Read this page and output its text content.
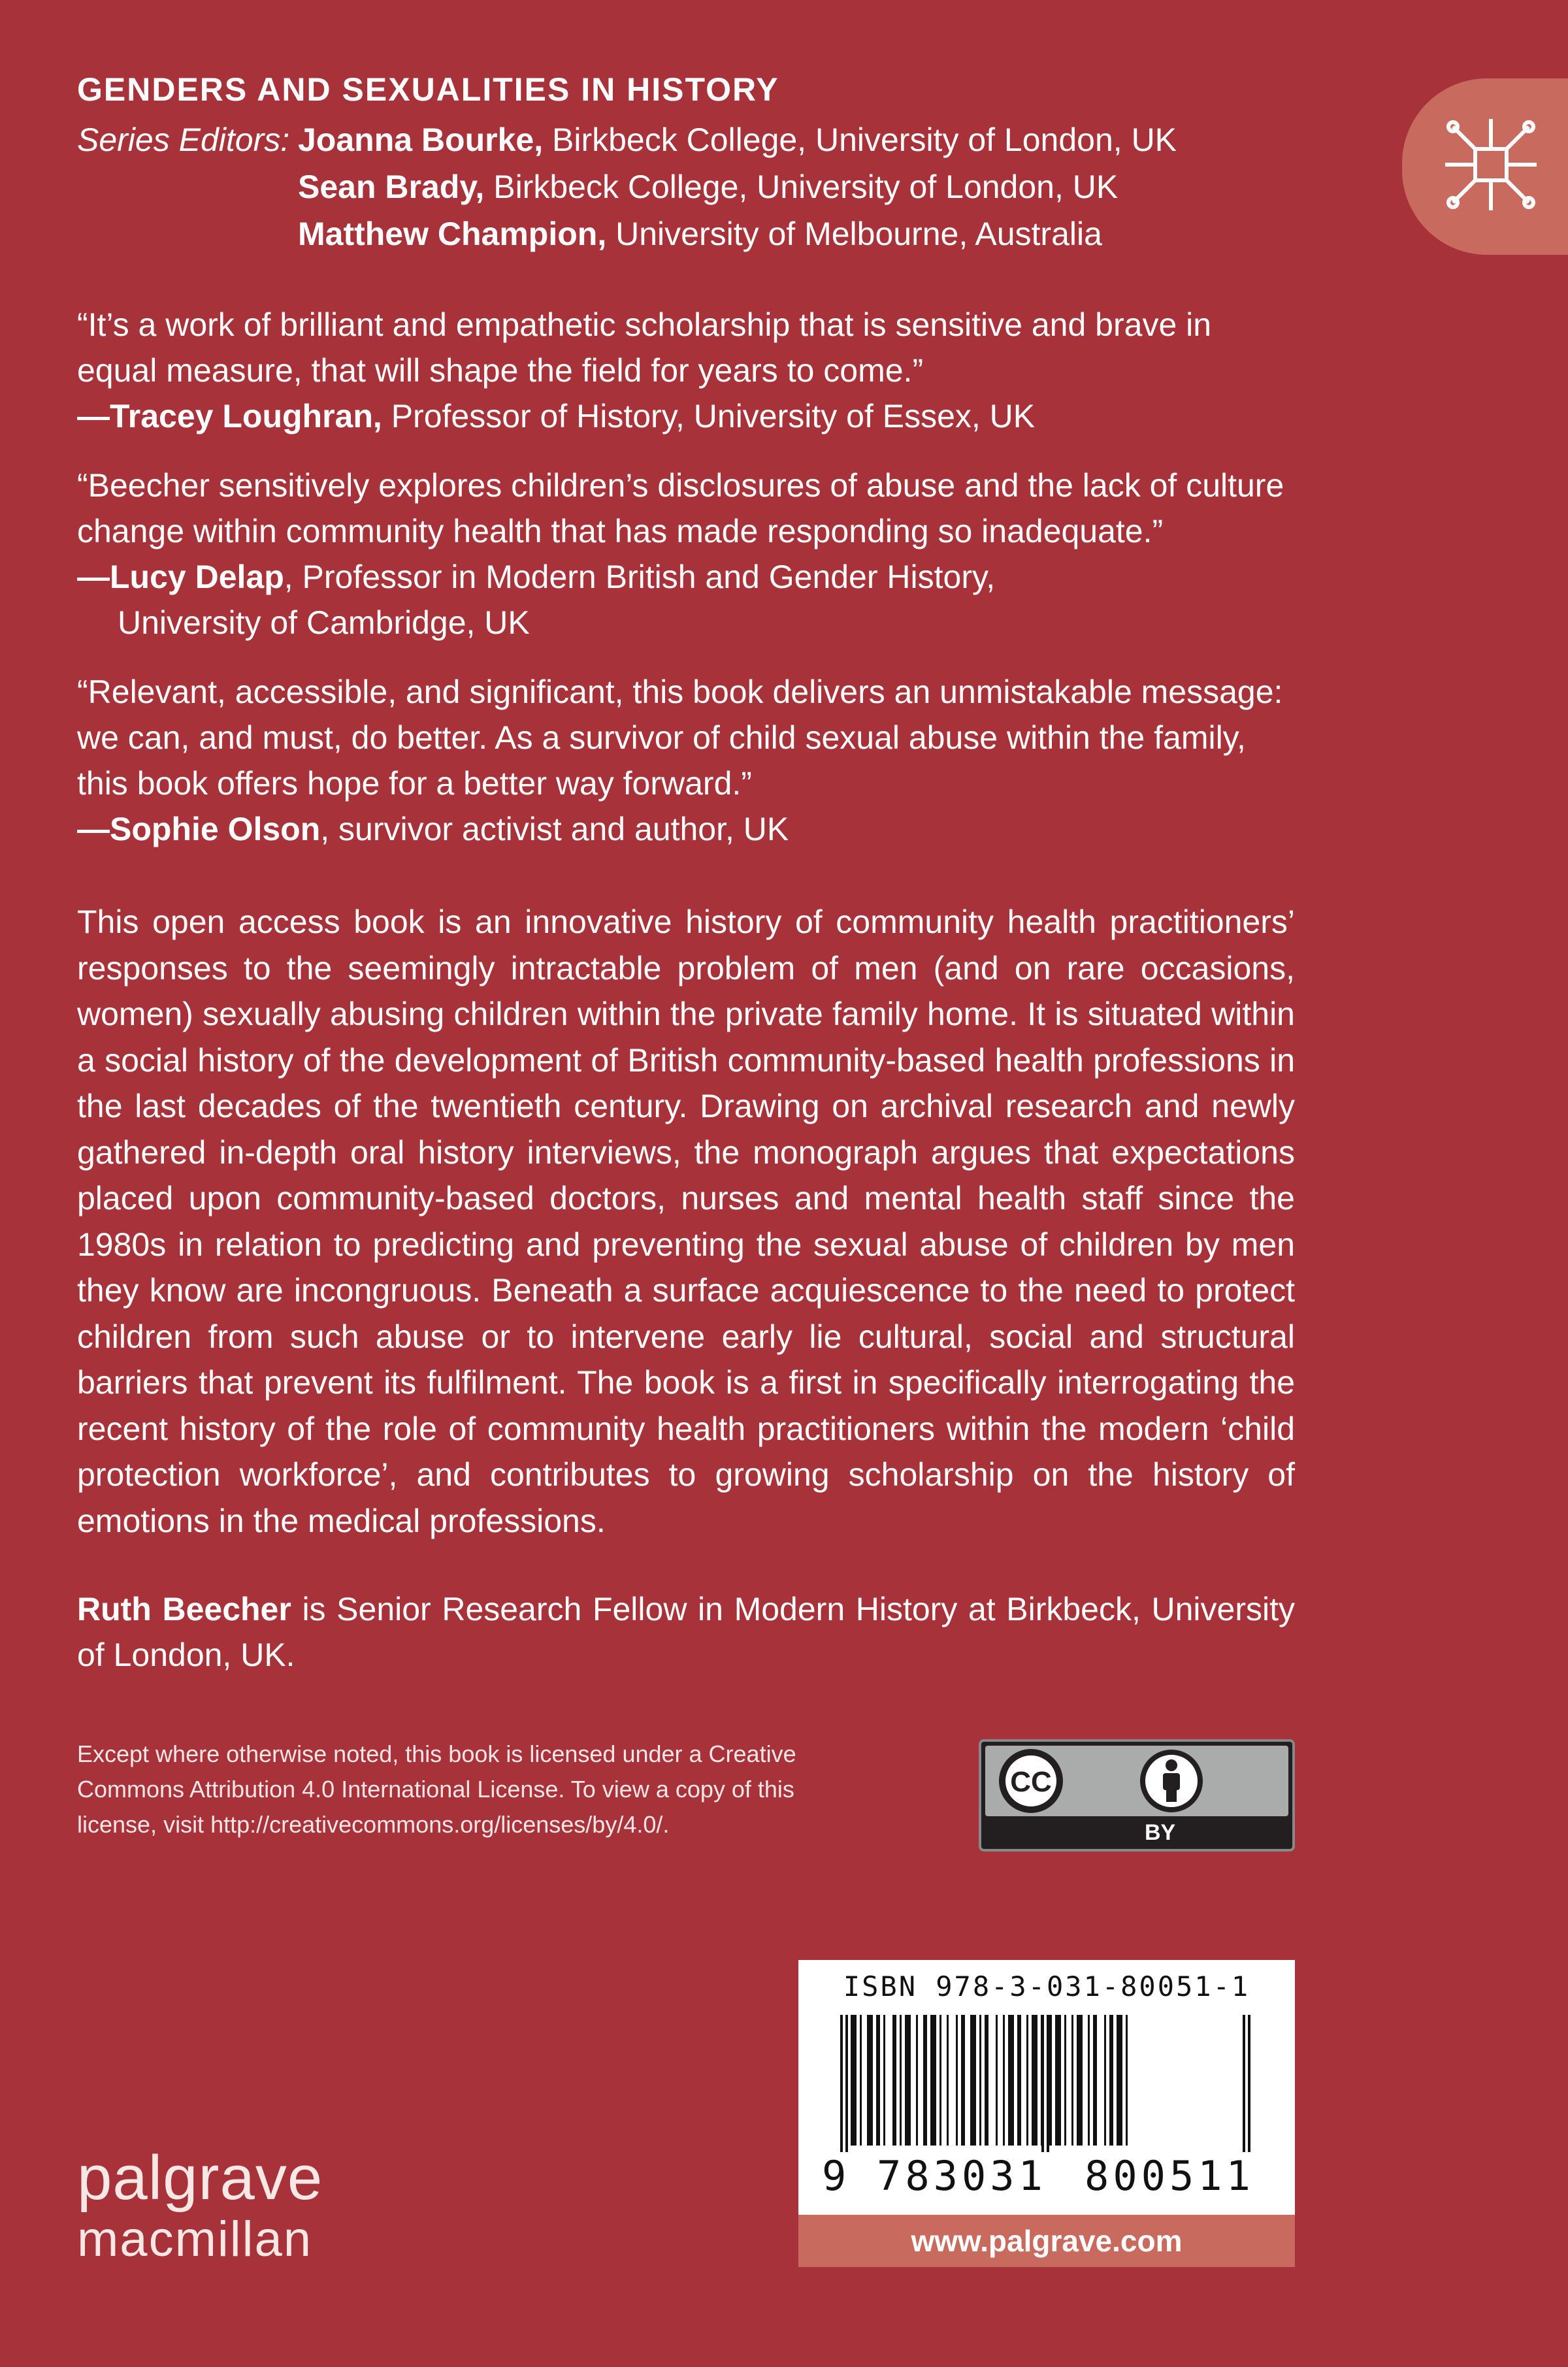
GENDERS AND SEXUALITIES IN HISTORY
Series Editors: Joanna Bourke,
Birkbeck College, University of London, UK
Sean Brady,
Birkbeck College, University of London, UK
Matthew Champion,
University of Melbourne, Australia

“It’s a work of brilliant and empathetic scholarship that is sensitive and brave in

equal measure, that will shape the field for years to come.”

—Tracey Loughran, Professor of History, University of Essex, UK

“Beecher sensitively explores children’s disclosures of abuse and the lack of culture

change within community health that has made responding so inadequate.”

—Lucy Delap, Professor in Modern British and Gender History,

University of Cambridge, UK

“Relevant, accessible, and significant, this book delivers an unmistakable message:

we can, and must, do better. As a survivor of child sexual abuse within the family,

this book offers hope for a better way forward.”

—Sophie Olson, survivor activist and author, UK

This open access book is an innovative history of community health practitioners’ responses to the seemingly intractable problem of men (and on rare occasions, women) sexually abusing children within the private family home. It is situated within a social history of the development of British community-based health professions in the last decades of the twentieth century. Drawing on archival research and newly gathered in-depth oral history interviews, the monograph argues that expectations placed upon community-based doctors, nurses and mental health staff since the 1980s in relation to predicting and preventing the sexual abuse of children by men they know are incongruous. Beneath a surface acquiescence to the need to protect children from such abuse or to intervene early lie cultural, social and structural barriers that prevent its fulfilment. The book is a first in specifically interrogating the recent history of the role of community health practitioners within the modern ‘child protection workforce’, and contributes to growing scholarship on the history of emotions in the medical professions.

Ruth Beecher is Senior Research Fellow in Modern History at Birkbeck, University of London, UK.

Except where otherwise noted, this book is licensed under a Creative Commons Attribution 4.0 International License. To view a copy of this license, visit http://creativecommons.org/licenses/by/4.0/.
CC
BY
ISBN 978-3-031-80051-1
9 783031 800511
www.palgrave.com
palgrave
macmillan
